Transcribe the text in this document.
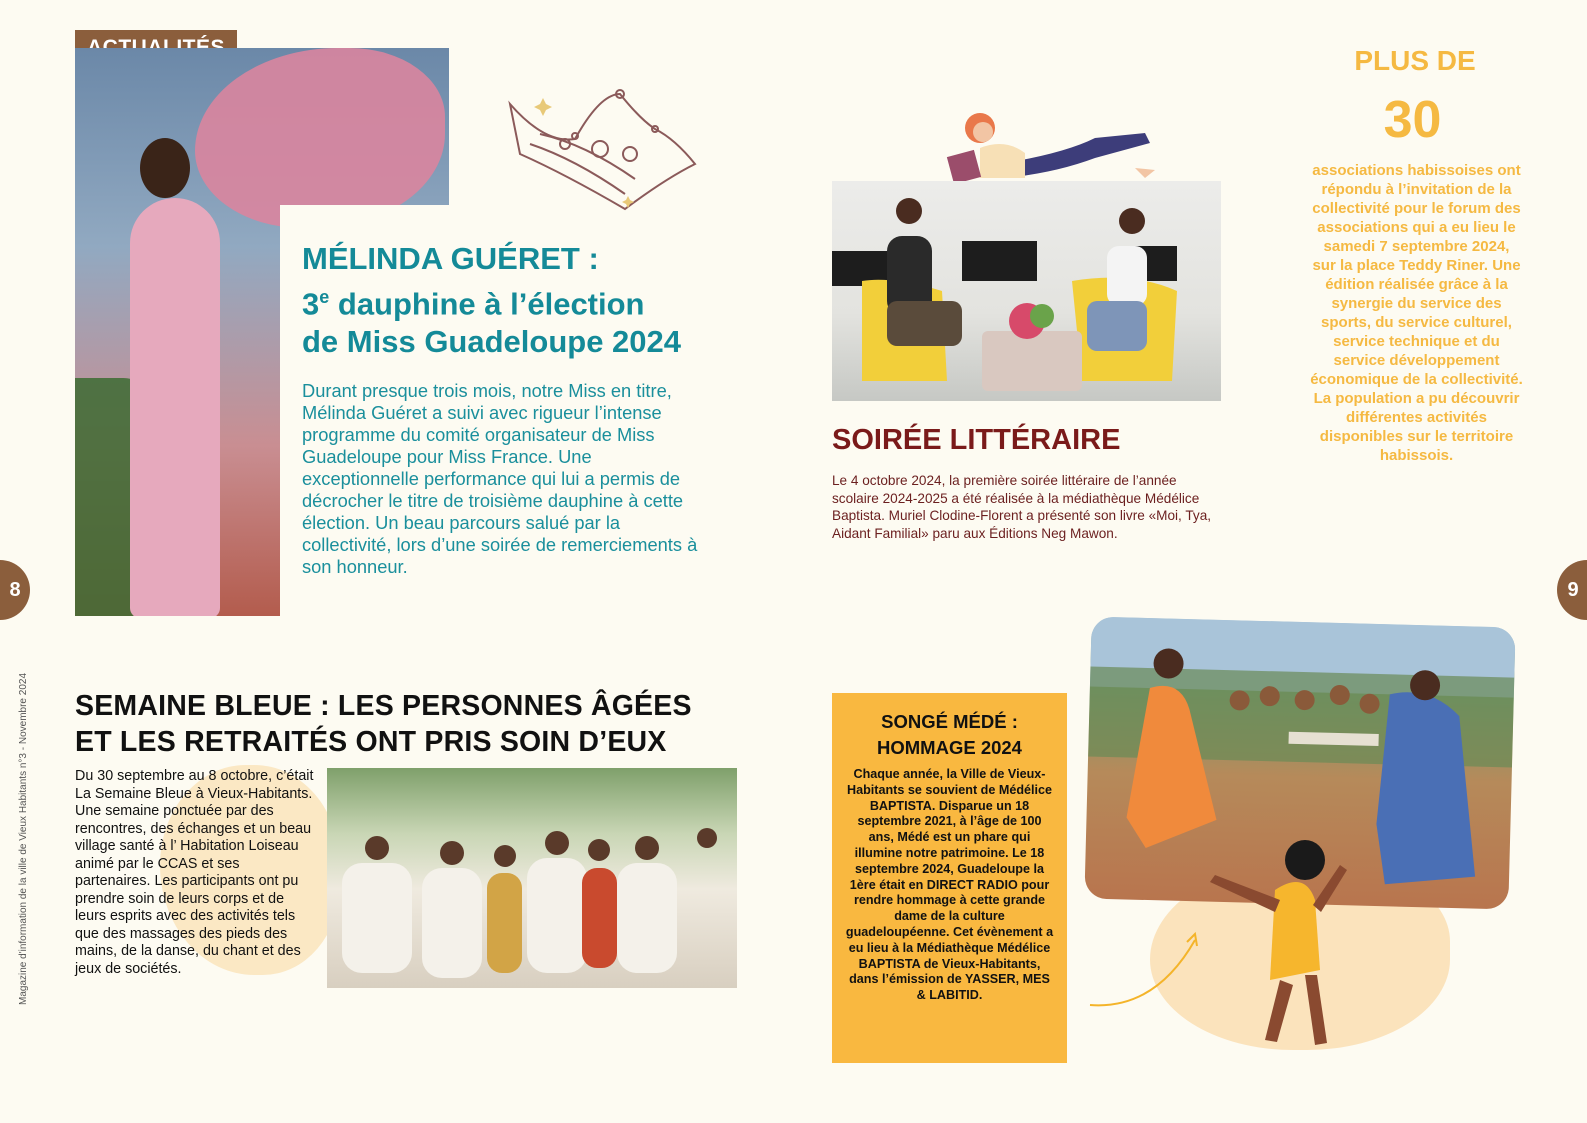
MÉLINDA GUÉRET :
3e dauphine à l’élection
de Miss Guadeloupe 2024
Durant presque trois mois, notre Miss en titre, Mélinda Guéret a suivi avec rigueur l’intense programme du comité organisateur de Miss Guadeloupe pour Miss France. Une exceptionnelle performance qui lui a permis de décrocher le titre de troisième dauphine à cette élection. Un beau parcours salué par la collectivité, lors d’une soirée de remerciements à son honneur.
8
Magazine d'information de la ville de Vieux Habitants n°3 - Novembre 2024 SEMAINE BLEUE : LES PERSONNES ÂGÉES
ET LES RETRAITÉS ONT PRIS SOIN D’EUX
Du 30 septembre au 8 octobre, c’était La Semaine Bleue à Vieux-Habitants. Une semaine ponctuée par des rencontres, des échanges et un beau village santé à l’ Habitation Loiseau animé par le CCAS et ses partenaires. Les participants ont pu prendre soin de leurs corps et de leurs esprits avec des activités tels que des massages des pieds des mains, de la danse, du chant et des jeux de sociétés.
SOIRÉE LITTÉRAIRE
Le 4 octobre 2024, la première soirée littéraire de l’année scolaire 2024-2025 a été réalisée à la médiathèque Médélice Baptista. Muriel Clodine-Florent a présenté son livre «Moi, Tya, Aidant Familial» paru aux Éditions Neg Mawon.
PLUS DE
30
associations habissoises ont répondu à l’invitation de la collectivité pour le forum des associations qui a eu lieu le samedi 7 septembre 2024, sur la place Teddy Riner. Une édition réalisée grâce à la synergie du service des sports, du service culturel, service technique et du service développement économique de la collectivité. La population a pu découvrir différentes activités disponibles sur le territoire habissois.
9
SONGÉ MÉDÉ :
HOMMAGE 2024
Chaque année, la Ville de Vieux-Habitants se souvient de Médélice BAPTISTA. Disparue un 18 septembre 2021, à l’âge de 100 ans, Médé est un phare qui illumine notre patrimoine. Le 18 septembre 2024, Guadeloupe la 1ère était en DIRECT RADIO pour rendre hommage à cette grande dame de la culture guadeloupéenne. Cet évènement a eu lieu à la Médiathèque Médélice BAPTISTA de Vieux-Habitants, dans l’émission de YASSER, MES & LABITID.
